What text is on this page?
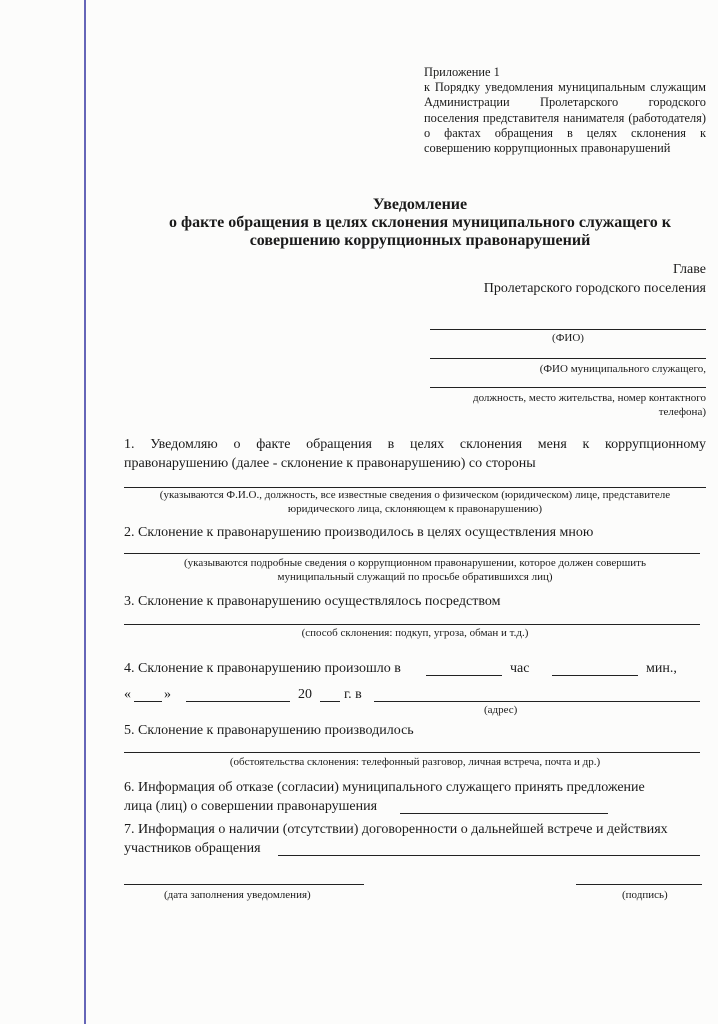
Приложение 1
к Порядку уведомления муниципальным служащим Администрации Пролетарского городского поселения представителя нанимателя (работодателя) о фактах обращения в целях склонения к совершению коррупционных правонарушений
Уведомление
о факте обращения в целях склонения муниципального служащего к
совершению коррупционных правонарушений
Главе
Пролетарского городского поселения
(ФИО)
(ФИО муниципального служащего,
должность, место жительства, номер контактного
телефона)
1. Уведомляю о факте обращения в целях склонения меня к коррупционному
правонарушению (далее - склонение к правонарушению) со стороны
(указываются Ф.И.О., должность, все известные сведения о физическом (юридическом) лице, представителе
юридического лица, склоняющем к правонарушению)
2. Склонение к правонарушению производилось в целях осуществления мною
(указываются подробные сведения о коррупционном правонарушении, которое должен совершить
муниципальный служащий по просьбе обратившихся лиц)
3. Склонение к правонарушению осуществлялось посредством
(способ склонения: подкуп, угроза, обман и т.д.)
4. Склонение к правонарушению произошло в	час	мин.,
« »	20 г. в
(адрес)
5. Склонение к правонарушению производилось
(обстоятельства склонения: телефонный разговор, личная встреча, почта и др.)
6. Информация об отказе (согласии) муниципального служащего принять предложение
лица (лиц) о совершении правонарушения
7. Информация о наличии (отсутствии) договоренности о дальнейшей встрече и действиях
участников обращения
(дата заполнения уведомления)	(подпись)
